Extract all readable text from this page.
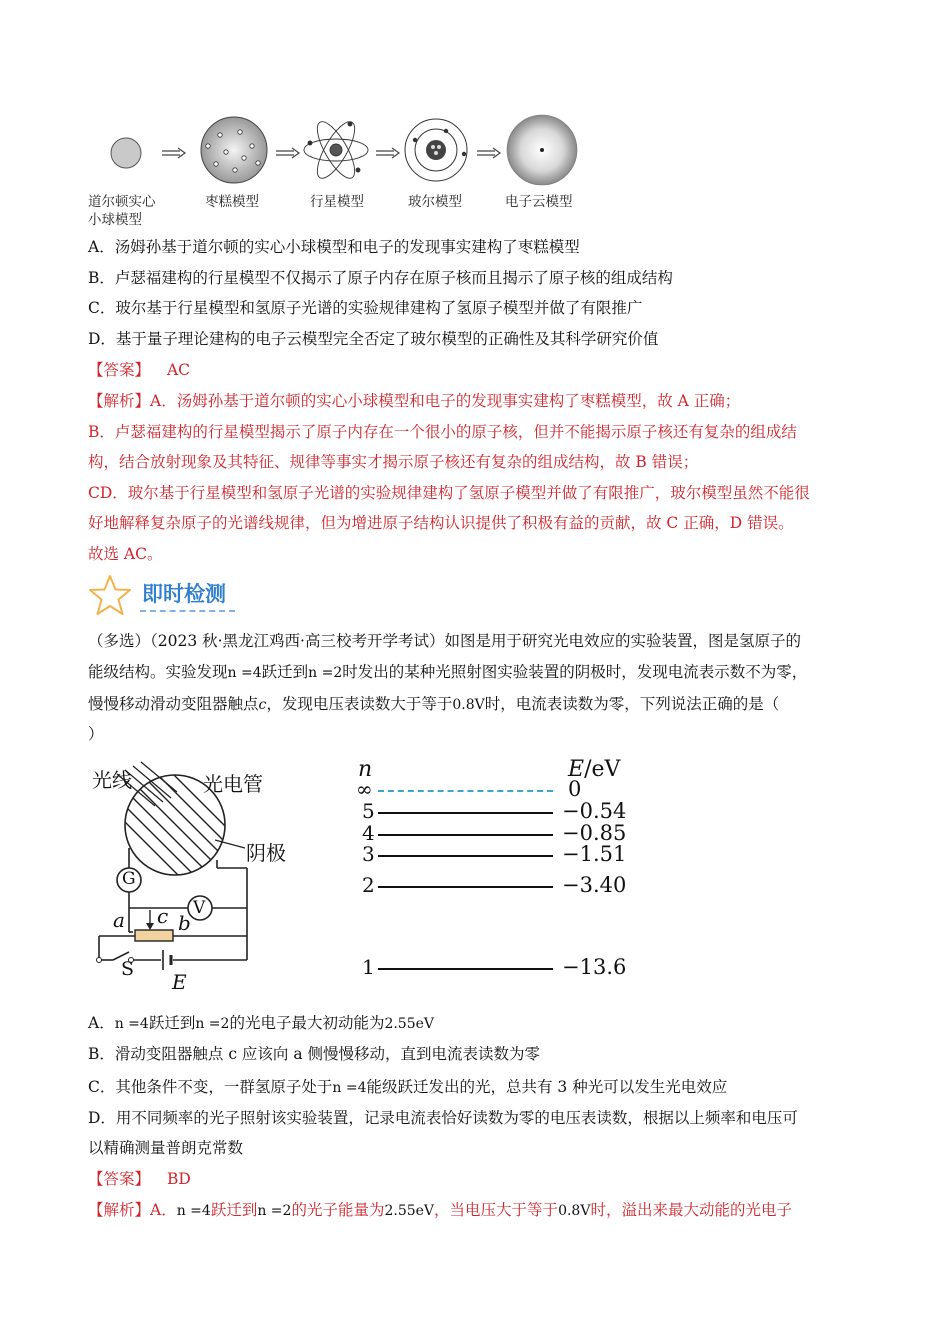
道尔顿实心
小球模型
枣糕模型	行星模型	玻尔模型	电子云模型
A．汤姆孙基于道尔顿的实心小球模型和电子的发现事实建构了枣糕模型
B．卢瑟福建构的行星模型不仅揭示了原子内存在原子核而且揭示了原子核的组成结构
C．玻尔基于行星模型和氢原子光谱的实验规律建构了氢原子模型并做了有限推广
D．基于量子理论建构的电子云模型完全否定了玻尔模型的正确性及其科学研究价值
【答案】 AC
【解析】A．汤姆孙基于道尔顿的实心小球模型和电子的发现事实建构了枣糕模型，故 A 正确；
B．卢瑟福建构的行星模型揭示了原子内存在一个很小的原子核，但并不能揭示原子核还有复杂的组成结
构，结合放射现象及其特征、规律等事实才揭示原子核还有复杂的组成结构，故 B 错误；
CD．玻尔基于行星模型和氢原子光谱的实验规律建构了氢原子模型并做了有限推广，玻尔模型虽然不能很
好地解释复杂原子的光谱线规律，但为增进原子结构认识提供了积极有益的贡献，故 C 正确，D 错误。
故选 AC。
即时检测
（多选）（2023 秋·黑龙江鸡西·高三校考开学考试）如图是用于研究光电效应的实验装置，图是氢原子的
能级结构。实验发现n =4跃迁到n =2时发出的某种光照射图实验装置的阴极时，发现电流表示数不为零，
慢慢移动滑动变阻器触点c，发现电压表读数大于等于0.8V时，电流表读数为零，下列说法正确的是（
）
光线	光电管
阴极
G
V
a c b
S
E
n	E/eV
∞	0
5	−0.54
4	−0.85
3	−1.51
2	−3.40
1	−13.6
A．n =4跃迁到n =2的光电子最大初动能为2.55eV
B．滑动变阻器触点 c 应该向 a 侧慢慢移动，直到电流表读数为零
C．其他条件不变，一群氢原子处于n =4能级跃迁发出的光，总共有 3 种光可以发生光电效应
D．用不同频率的光子照射该实验装置，记录电流表恰好读数为零的电压表读数，根据以上频率和电压可
以精确测量普朗克常数
【答案】 BD
【解析】A．n =4跃迁到n =2的光子能量为2.55eV，当电压大于等于0.8V时，溢出来最大动能的光电子
